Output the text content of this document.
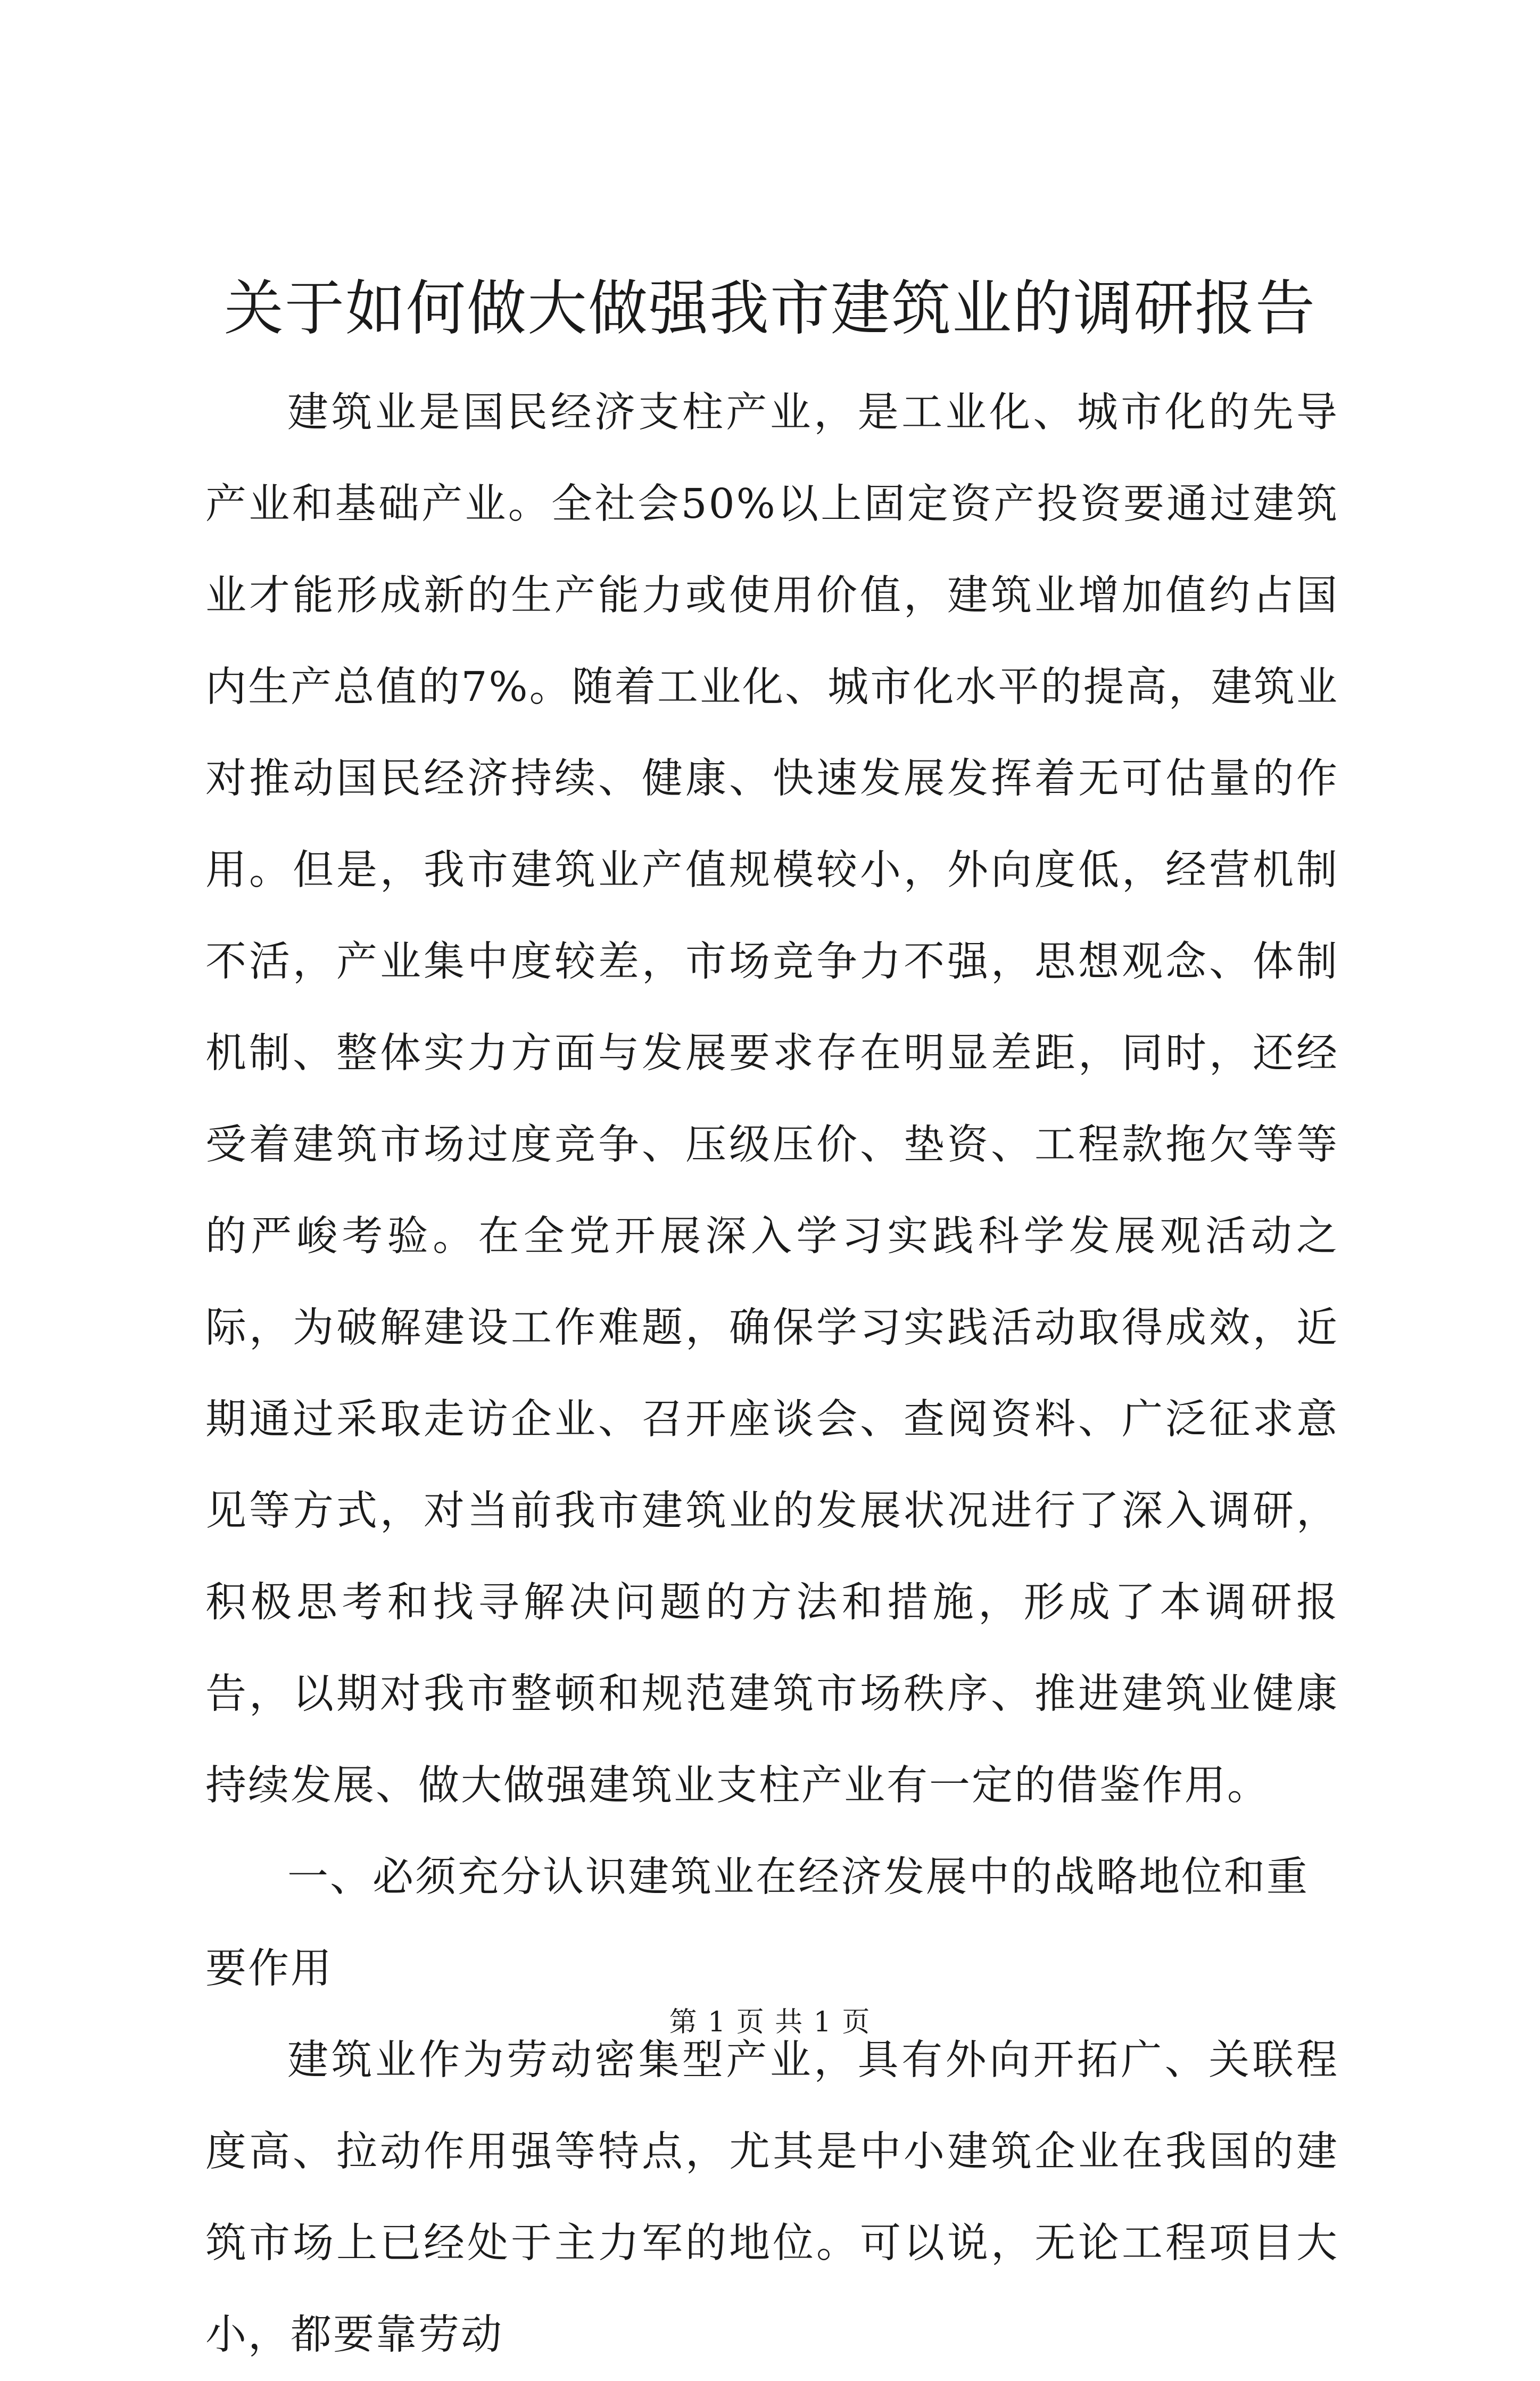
关于如何做大做强我市建筑业的调研报告

建筑业是国民经济支柱产业，是工业化、城市化的先导产业和基础产业。全社会50%以上固定资产投资要通过建筑业才能形成新的生产能力或使用价值，建筑业增加值约占国内生产总值的7%。随着工业化、城市化水平的提高，建筑业对推动国民经济持续、健康、快速发展发挥着无可估量的作用。但是，我市建筑业产值规模较小，外向度低，经营机制不活，产业集中度较差，市场竞争力不强，思想观念、体制机制、整体实力方面与发展要求存在明显差距，同时，还经受着建筑市场过度竞争、压级压价、垫资、工程款拖欠等等的严峻考验。在全党开展深入学习实践科学发展观活动之际，为破解建设工作难题，确保学习实践活动取得成效，近期通过采取走访企业、召开座谈会、查阅资料、广泛征求意见等方式，对当前我市建筑业的发展状况进行了深入调研，积极思考和找寻解决问题的方法和措施，形成了本调研报告，以期对我市整顿和规范建筑市场秩序、推进建筑业健康持续发展、做大做强建筑业支柱产业有一定的借鉴作用。

一、必须充分认识建筑业在经济发展中的战略地位和重要作用

建筑业作为劳动密集型产业，具有外向开拓广、关联程度高、拉动作用强等特点，尤其是中小建筑企业在我国的建筑市场上已经处于主力军的地位。可以说，无论工程项目大小，都要靠劳动

第 1 页 共 1 页
